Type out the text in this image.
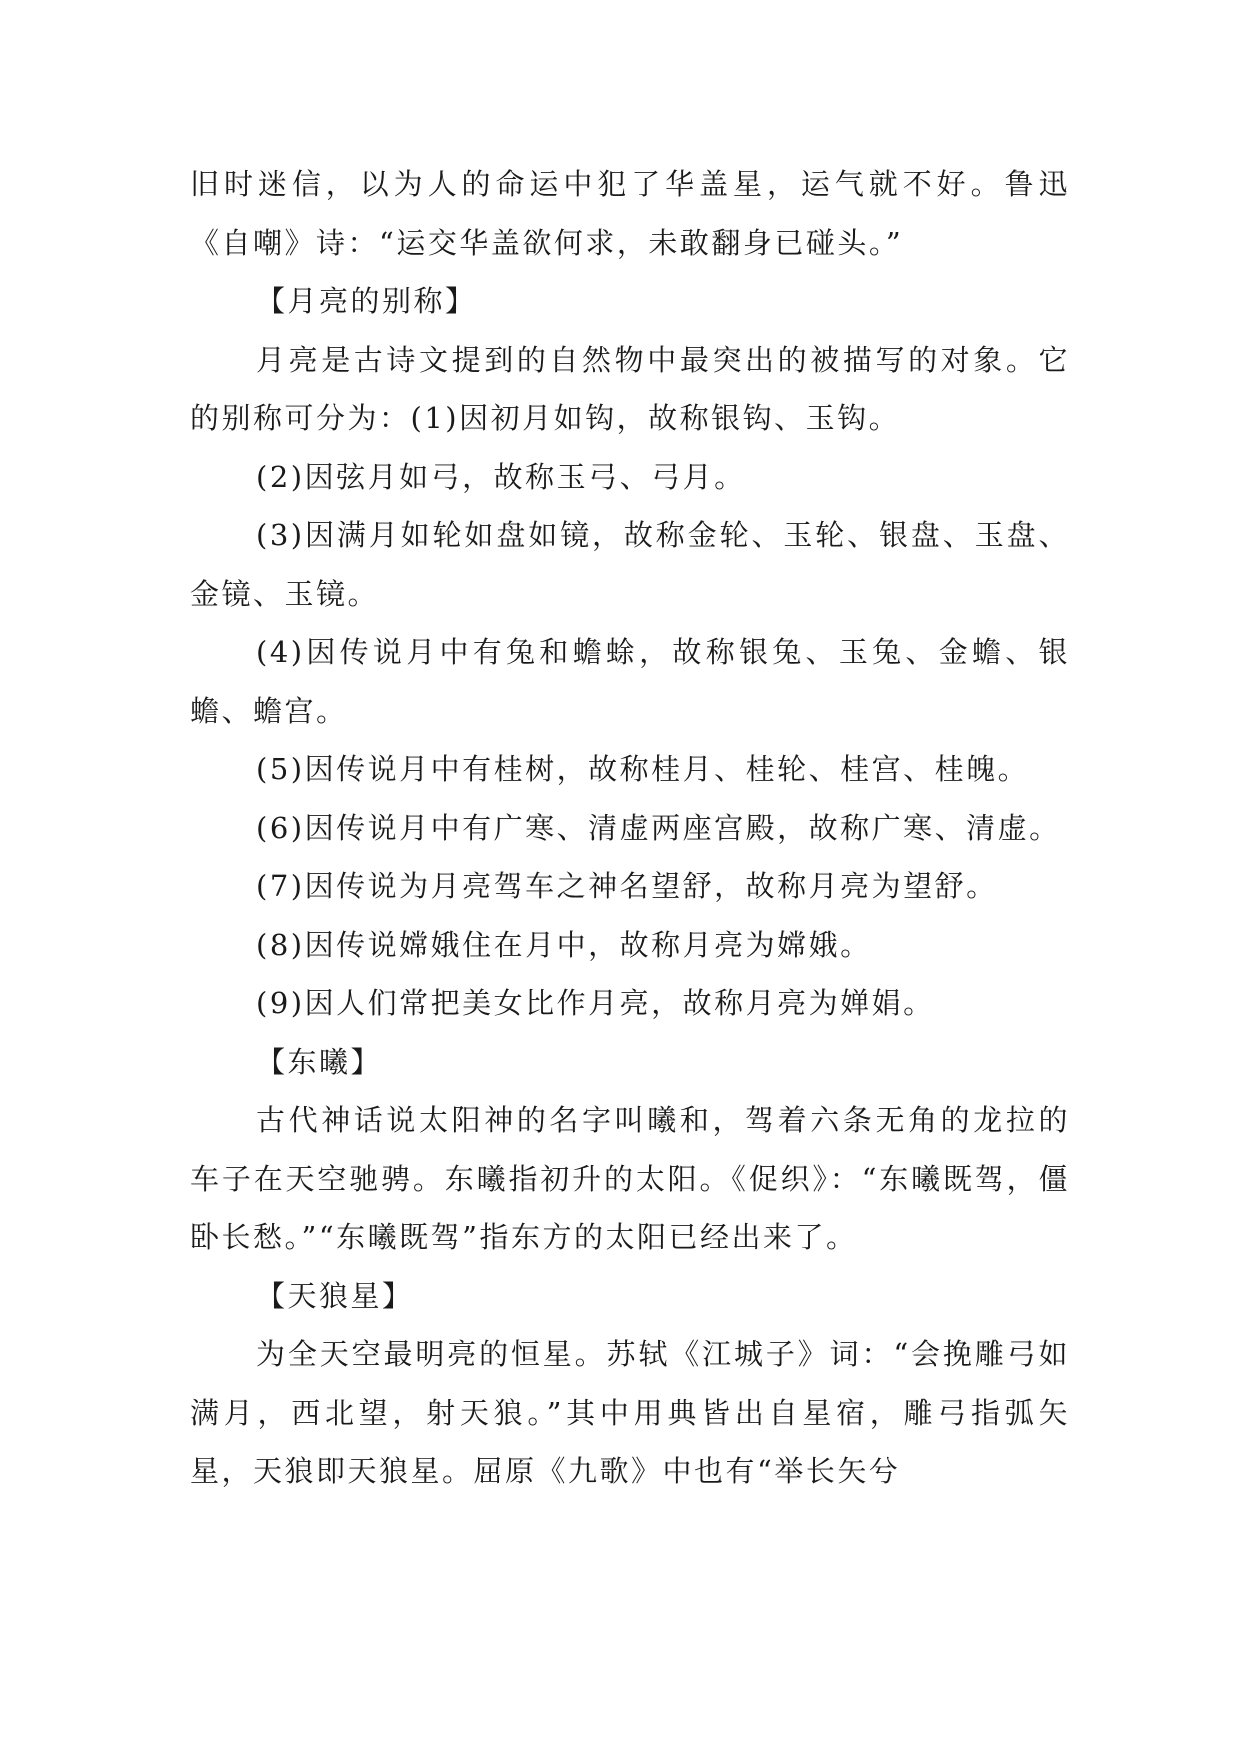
旧时迷信，以为人的命运中犯了华盖星，运气就不好。鲁迅《自嘲》诗：“运交华盖欲何求，未敢翻身已碰头。”

【月亮的别称】

月亮是古诗文提到的自然物中最突出的被描写的对象。它的别称可分为：(1)因初月如钩，故称银钩、玉钩。

(2)因弦月如弓，故称玉弓、弓月。

(3)因满月如轮如盘如镜，故称金轮、玉轮、银盘、玉盘、金镜、玉镜。

(4)因传说月中有兔和蟾蜍，故称银兔、玉兔、金蟾、银蟾、蟾宫。

(5)因传说月中有桂树，故称桂月、桂轮、桂宫、桂魄。

(6)因传说月中有广寒、清虚两座宫殿，故称广寒、清虚。

(7)因传说为月亮驾车之神名望舒，故称月亮为望舒。

(8)因传说嫦娥住在月中，故称月亮为嫦娥。

(9)因人们常把美女比作月亮，故称月亮为婵娟。

【东曦】

古代神话说太阳神的名字叫曦和，驾着六条无角的龙拉的车子在天空驰骋。东曦指初升的太阳。《促织》：“东曦既驾，僵卧长愁。”“东曦既驾”指东方的太阳已经出来了。

【天狼星】

为全天空最明亮的恒星。苏轼《江城子》词：“会挽雕弓如满月，西北望，射天狼。”其中用典皆出自星宿，雕弓指弧矢星，天狼即天狼星。屈原《九歌》中也有“举长矢兮
